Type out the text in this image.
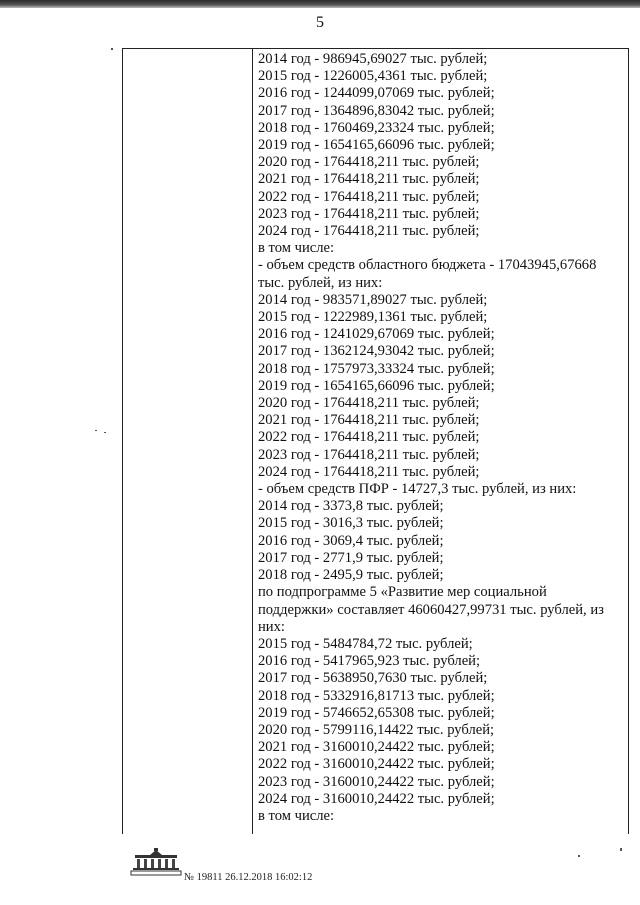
5
2014 год - 986945,69027 тыс. рублей;
2015 год - 1226005,4361 тыс. рублей;
2016 год - 1244099,07069 тыс. рублей;
2017 год - 1364896,83042 тыс. рублей;
2018 год - 1760469,23324 тыс. рублей;
2019 год - 1654165,66096 тыс. рублей;
2020 год - 1764418,211 тыс. рублей;
2021 год - 1764418,211 тыс. рублей;
2022 год - 1764418,211 тыс. рублей;
2023 год - 1764418,211 тыс. рублей;
2024 год - 1764418,211 тыс. рублей;
в том числе:
- объем средств областного бюджета - 17043945,67668
тыс. рублей, из них:
2014 год - 983571,89027 тыс. рублей;
2015 год - 1222989,1361 тыс. рублей;
2016 год - 1241029,67069 тыс. рублей;
2017 год - 1362124,93042 тыс. рублей;
2018 год - 1757973,33324 тыс. рублей;
2019 год - 1654165,66096 тыс. рублей;
2020 год - 1764418,211 тыс. рублей;
2021 год - 1764418,211 тыс. рублей;
2022 год - 1764418,211 тыс. рублей;
2023 год - 1764418,211 тыс. рублей;
2024 год - 1764418,211 тыс. рублей;
- объем средств ПФР - 14727,3 тыс. рублей, из них:
2014 год - 3373,8 тыс. рублей;
2015 год - 3016,3 тыс. рублей;
2016 год - 3069,4 тыс. рублей;
2017 год - 2771,9 тыс. рублей;
2018 год - 2495,9 тыс. рублей;
по подпрограмме 5 «Развитие мер социальной
поддержки» составляет 46060427,99731 тыс. рублей, из
них:
2015 год - 5484784,72 тыс. рублей;
2016 год - 5417965,923 тыс. рублей;
2017 год - 5638950,7630 тыс. рублей;
2018 год - 5332916,81713 тыс. рублей;
2019 год - 5746652,65308 тыс. рублей;
2020 год - 5799116,14422 тыс. рублей;
2021 год - 3160010,24422 тыс. рублей;
2022 год - 3160010,24422 тыс. рублей;
2023 год - 3160010,24422 тыс. рублей;
2024 год - 3160010,24422 тыс. рублей;
в том числе:
№ 19811 26.12.2018 16:02:12
